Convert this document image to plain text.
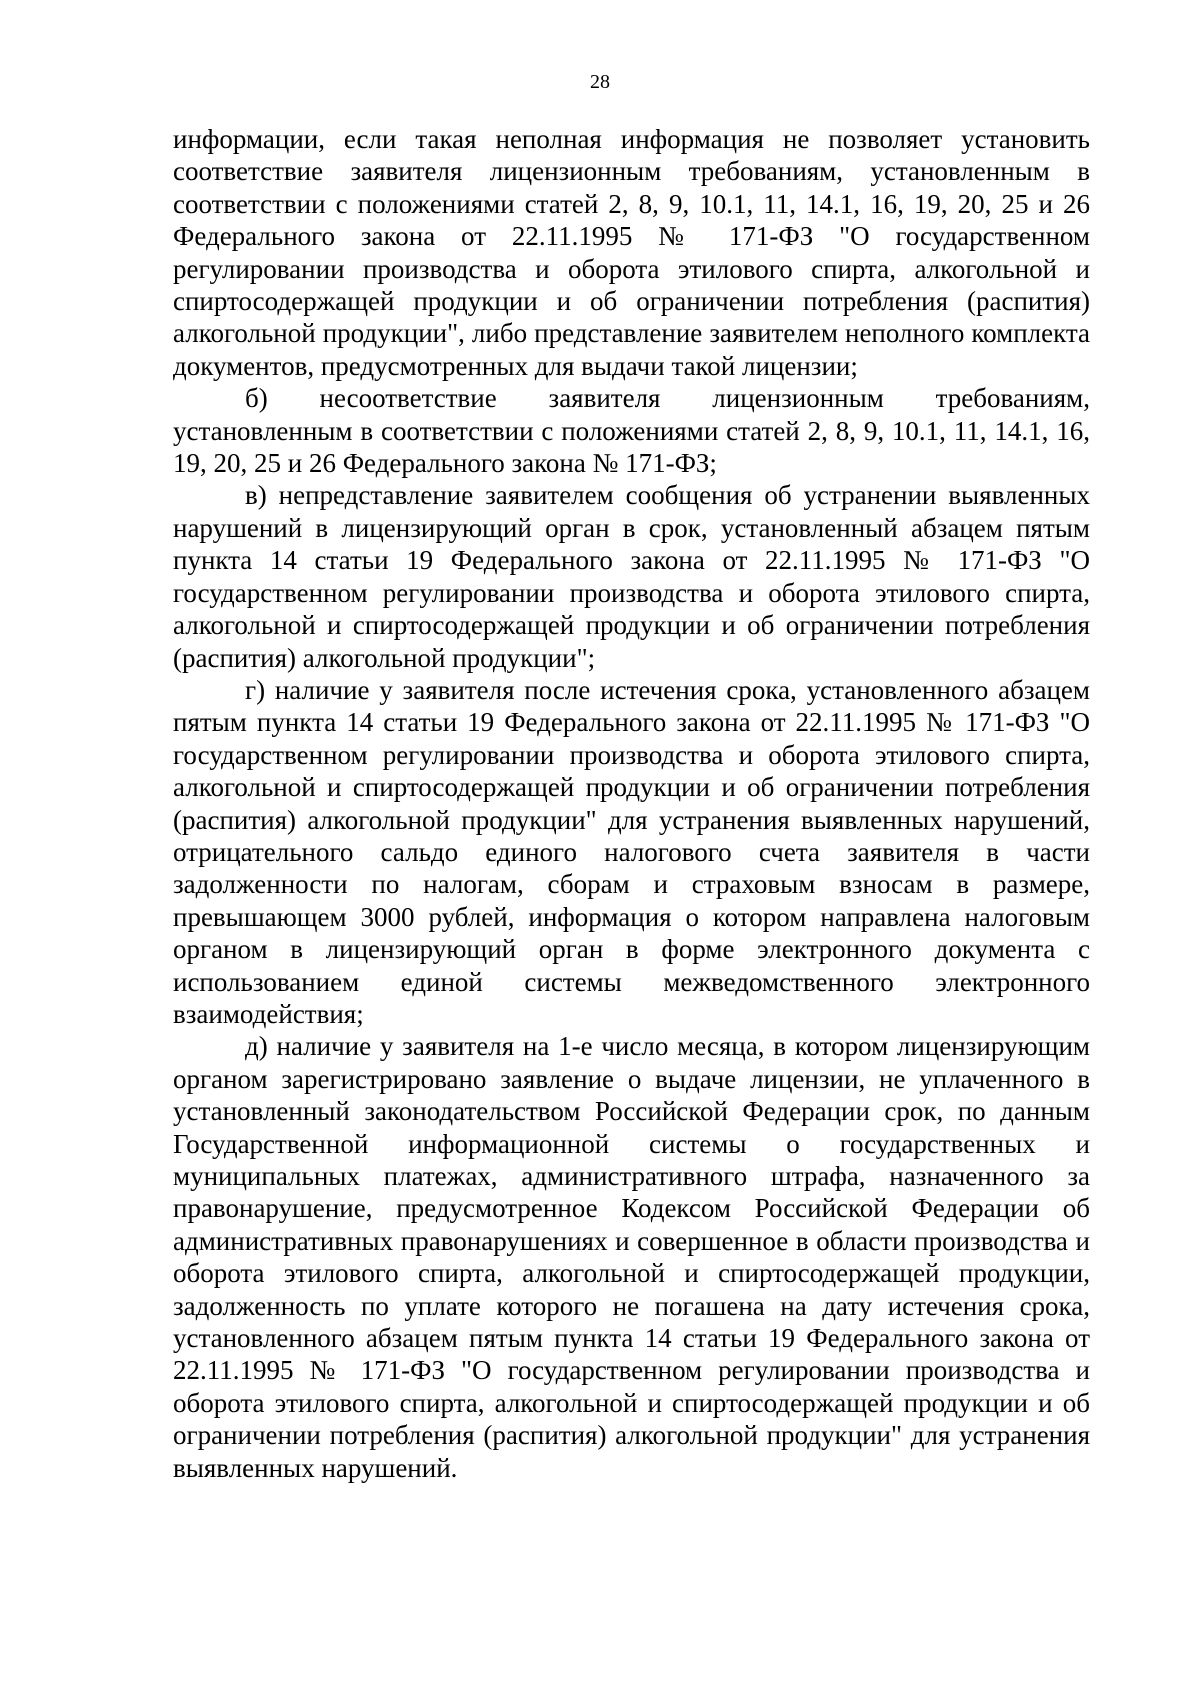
28

информации, если такая неполная информация не позволяет установить соответствие заявителя лицензионным требованиям, установленным в соответствии с положениями статей 2, 8, 9, 10.1, 11, 14.1, 16, 19, 20, 25 и 26 Федерального закона от 22.11.1995 № 171-ФЗ "О государственном регулировании производства и оборота этилового спирта, алкогольной и спиртосодержащей продукции и об ограничении потребления (распития) алкогольной продукции", либо представление заявителем неполного комплекта документов, предусмотренных для выдачи такой лицензии;

б) несоответствие заявителя лицензионным требованиям, установленным в соответствии с положениями статей 2, 8, 9, 10.1, 11, 14.1, 16, 19, 20, 25 и 26 Федерального закона № 171-ФЗ;

в) непредставление заявителем сообщения об устранении выявленных нарушений в лицензирующий орган в срок, установленный абзацем пятым пункта 14 статьи 19 Федерального закона от 22.11.1995 № 171-ФЗ "О государственном регулировании производства и оборота этилового спирта, алкогольной и спиртосодержащей продукции и об ограничении потребления (распития) алкогольной продукции";

г) наличие у заявителя после истечения срока, установленного абзацем пятым пункта 14 статьи 19 Федерального закона от 22.11.1995 № 171-ФЗ "О государственном регулировании производства и оборота этилового спирта, алкогольной и спиртосодержащей продукции и об ограничении потребления (распития) алкогольной продукции" для устранения выявленных нарушений, отрицательного сальдо единого налогового счета заявителя в части задолженности по налогам, сборам и страховым взносам в размере, превышающем 3000 рублей, информация о котором направлена налоговым органом в лицензирующий орган в форме электронного документа с использованием единой системы межведомственного электронного взаимодействия;

д) наличие у заявителя на 1-е число месяца, в котором лицензирующим органом зарегистрировано заявление о выдаче лицензии, не уплаченного в установленный законодательством Российской Федерации срок, по данным Государственной информационной системы о государственных и муниципальных платежах, административного штрафа, назначенного за правонарушение, предусмотренное Кодексом Российской Федерации об административных правонарушениях и совершенное в области производства и оборота этилового спирта, алкогольной и спиртосодержащей продукции, задолженность по уплате которого не погашена на дату истечения срока, установленного абзацем пятым пункта 14 статьи 19 Федерального закона от 22.11.1995 № 171-ФЗ "О государственном регулировании производства и оборота этилового спирта, алкогольной и спиртосодержащей продукции и об ограничении потребления (распития) алкогольной продукции" для устранения выявленных нарушений.
